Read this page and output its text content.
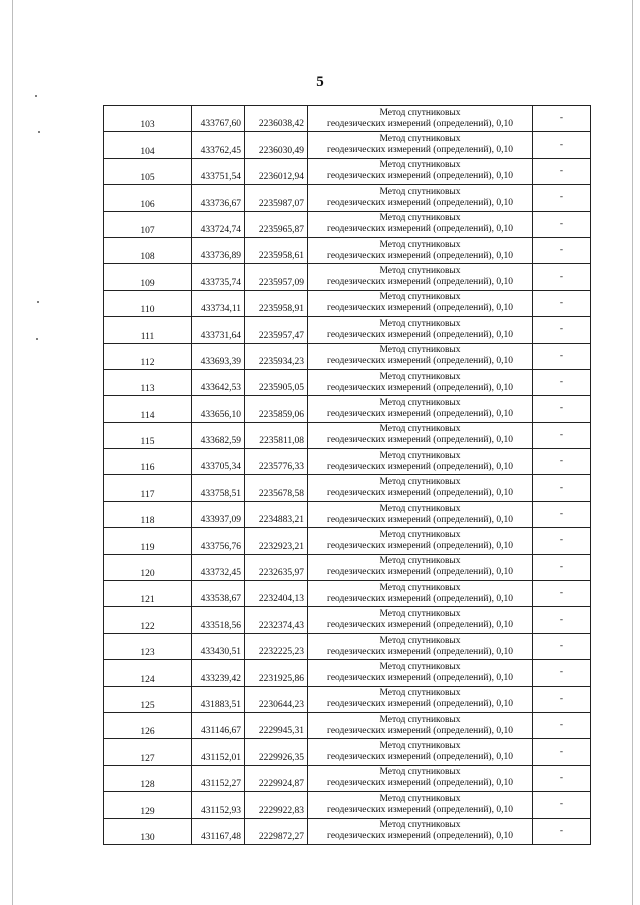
5
103	433767,60	2236038,42	Метод спутниковых
геодезических измерений (определений), 0,10	-
104	433762,45	2236030,49	Метод спутниковых
геодезических измерений (определений), 0,10	-
105	433751,54	2236012,94	Метод спутниковых
геодезических измерений (определений), 0,10	-
106	433736,67	2235987,07	Метод спутниковых
геодезических измерений (определений), 0,10	-
107	433724,74	2235965,87	Метод спутниковых
геодезических измерений (определений), 0,10	-
108	433736,89	2235958,61	Метод спутниковых
геодезических измерений (определений), 0,10	-
109	433735,74	2235957,09	Метод спутниковых
геодезических измерений (определений), 0,10	-
110	433734,11	2235958,91	Метод спутниковых
геодезических измерений (определений), 0,10	-
111	433731,64	2235957,47	Метод спутниковых
геодезических измерений (определений), 0,10	-
112	433693,39	2235934,23	Метод спутниковых
геодезических измерений (определений), 0,10	-
113	433642,53	2235905,05	Метод спутниковых
геодезических измерений (определений), 0,10	-
114	433656,10	2235859,06	Метод спутниковых
геодезических измерений (определений), 0,10	-
115	433682,59	2235811,08	Метод спутниковых
геодезических измерений (определений), 0,10	-
116	433705,34	2235776,33	Метод спутниковых
геодезических измерений (определений), 0,10	-
117	433758,51	2235678,58	Метод спутниковых
геодезических измерений (определений), 0,10	-
118	433937,09	2234883,21	Метод спутниковых
геодезических измерений (определений), 0,10	-
119	433756,76	2232923,21	Метод спутниковых
геодезических измерений (определений), 0,10	-
120	433732,45	2232635,97	Метод спутниковых
геодезических измерений (определений), 0,10	-
121	433538,67	2232404,13	Метод спутниковых
геодезических измерений (определений), 0,10	-
122	433518,56	2232374,43	Метод спутниковых
геодезических измерений (определений), 0,10	-
123	433430,51	2232225,23	Метод спутниковых
геодезических измерений (определений), 0,10	-
124	433239,42	2231925,86	Метод спутниковых
геодезических измерений (определений), 0,10	-
125	431883,51	2230644,23	Метод спутниковых
геодезических измерений (определений), 0,10	-
126	431146,67	2229945,31	Метод спутниковых
геодезических измерений (определений), 0,10	-
127	431152,01	2229926,35	Метод спутниковых
геодезических измерений (определений), 0,10	-
128	431152,27	2229924,87	Метод спутниковых
геодезических измерений (определений), 0,10	-
129	431152,93	2229922,83	Метод спутниковых
геодезических измерений (определений), 0,10	-
130	431167,48	2229872,27	Метод спутниковых
геодезических измерений (определений), 0,10	-
